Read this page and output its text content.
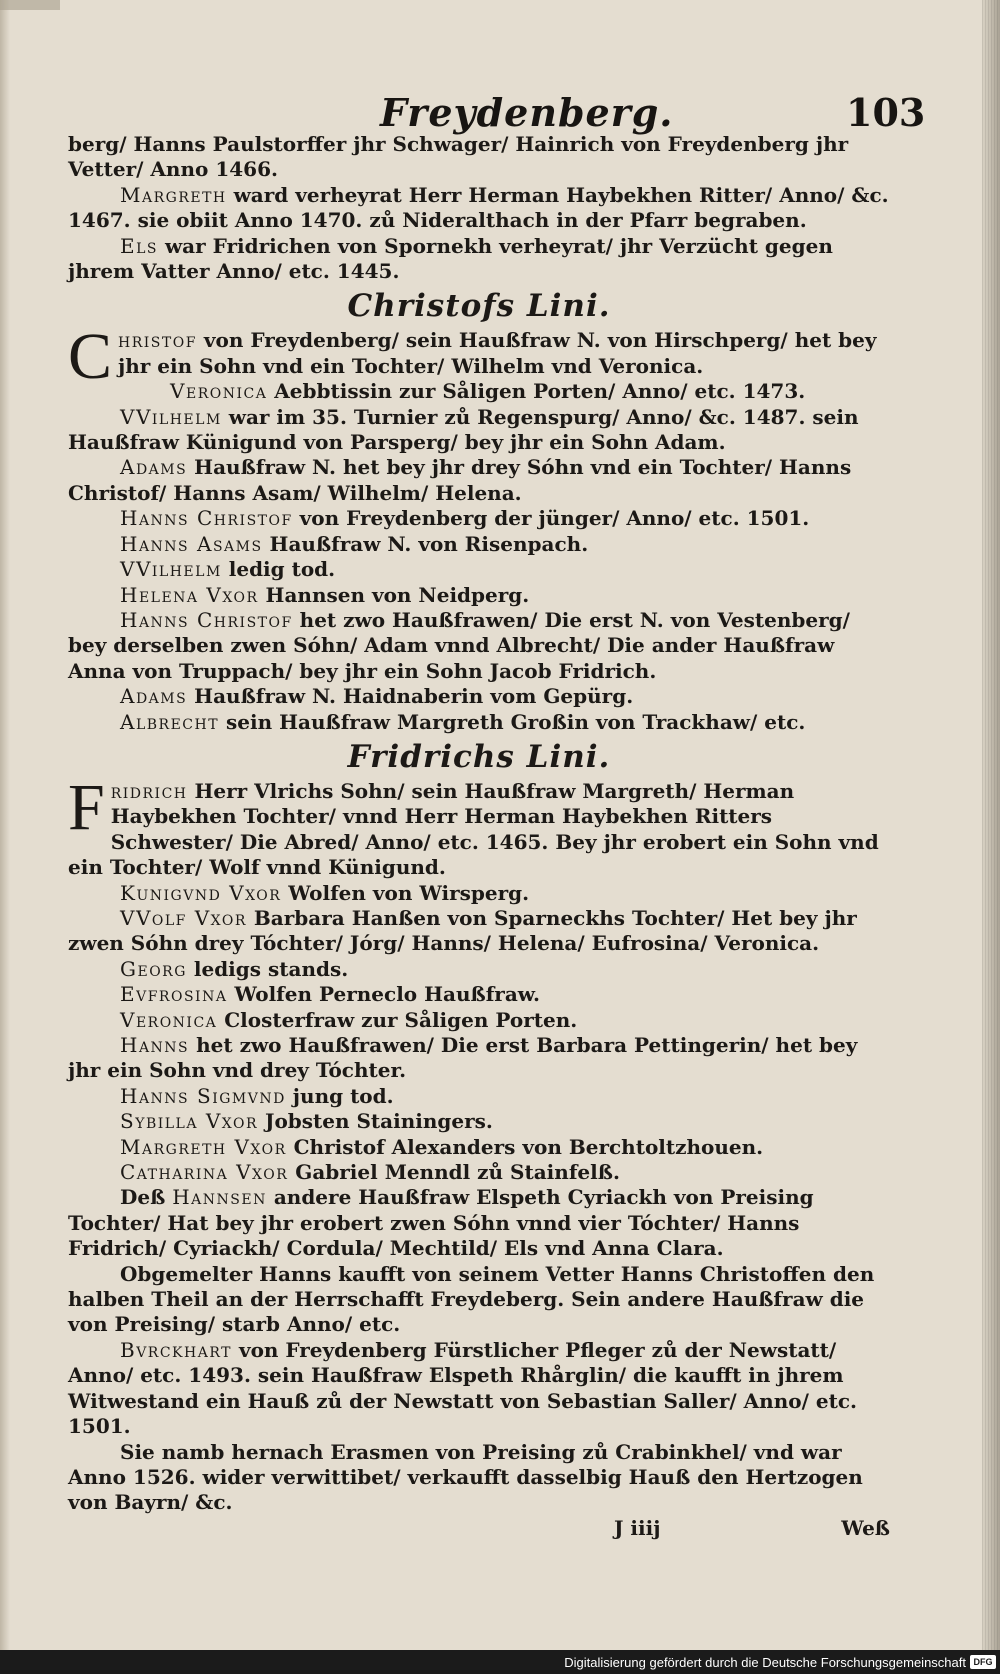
Freydenberg.	103

berg/ Hanns Paulstorffer jhr Schwager/ Hainrich von Freydenberg jhr Vetter/ Anno 1466.

Margreth ward verheyrat Herr Herman Haybekhen Ritter/ Anno/ &c. 1467. sie obiit Anno 1470. zů Nideralthach in der Pfarr begraben.

Els war Fridrichen von Spornekh verheyrat/ jhr Verzücht gegen jhrem Vatter Anno/ etc. 1445.

Christofs Lini.

Christof von Freydenberg/ sein Haußfraw N. von Hirschperg/ het bey jhr ein Sohn vnd ein Tochter/ Wilhelm vnd Veronica.

Veronica Aebbtissin zur Såligen Porten/ Anno/ etc. 1473.

VVilhelm war im 35. Turnier zů Regenspurg/ Anno/ &c. 1487. sein Haußfraw Künigund von Parsperg/ bey jhr ein Sohn Adam.

Adams Haußfraw N. het bey jhr drey Sóhn vnd ein Tochter/ Hanns Christof/ Hanns Asam/ Wilhelm/ Helena.

Hanns Christof von Freydenberg der jünger/ Anno/ etc. 1501.

Hanns Asams Haußfraw N. von Risenpach.

VVilhelm ledig tod.

Helena Vxor Hannsen von Neidperg.

Hanns Christof het zwo Haußfrawen/ Die erst N. von Vestenberg/ bey derselben zwen Sóhn/ Adam vnnd Albrecht/ Die ander Haußfraw Anna von Truppach/ bey jhr ein Sohn Jacob Fridrich.

Adams Haußfraw N. Haidnaberin vom Gepürg.

Albrecht sein Haußfraw Margreth Großin von Trackhaw/ etc.

Fridrichs Lini.

Fridrich Herr Vlrichs Sohn/ sein Haußfraw Margreth/ Herman Haybekhen Tochter/ vnnd Herr Herman Haybekhen Ritters Schwester/ Die Abred/ Anno/ etc. 1465. Bey jhr erobert ein Sohn vnd ein Tochter/ Wolf vnnd Künigund.

Kunigvnd Vxor Wolfen von Wirsperg.

VVolf Vxor Barbara Hanßen von Sparneckhs Tochter/ Het bey jhr zwen Sóhn drey Tóchter/ Jórg/ Hanns/ Helena/ Eufrosina/ Veronica.

Georg ledigs stands.

Evfrosina Wolfen Perneclo Haußfraw.

Veronica Closterfraw zur Såligen Porten.

Hanns het zwo Haußfrawen/ Die erst Barbara Pettingerin/ het bey jhr ein Sohn vnd drey Tóchter.

Hanns Sigmvnd jung tod.

Sybilla Vxor Jobsten Stainingers.

Margreth Vxor Christof Alexanders von Berchtoltzhouen.

Catharina Vxor Gabriel Menndl zů Stainfelß.

Deß Hannsen andere Haußfraw Elspeth Cyriackh von Preising Tochter/ Hat bey jhr erobert zwen Sóhn vnnd vier Tóchter/ Hanns Fridrich/ Cyriackh/ Cordula/ Mechtild/ Els vnd Anna Clara.

Obgemelter Hanns kaufft von seinem Vetter Hanns Christoffen den halben Theil an der Herrschafft Freydeberg. Sein andere Haußfraw die von Preising/ starb Anno/ etc.

Bvrckhart von Freydenberg Fürstlicher Pfleger zů der Newstatt/ Anno/ etc. 1493. sein Haußfraw Elspeth Rhårglin/ die kaufft in jhrem Witwestand ein Hauß zů der Newstatt von Sebastian Saller/ Anno/ etc. 1501.

Sie namb hernach Erasmen von Preising zů Crabinkhel/ vnd war Anno 1526. wider verwittibet/ verkaufft dasselbig Hauß den Hertzogen von Bayrn/ &c.

J iiij	Weß
Digitalisierung gefördert durch die Deutsche Forschungsgemeinschaft DFG
